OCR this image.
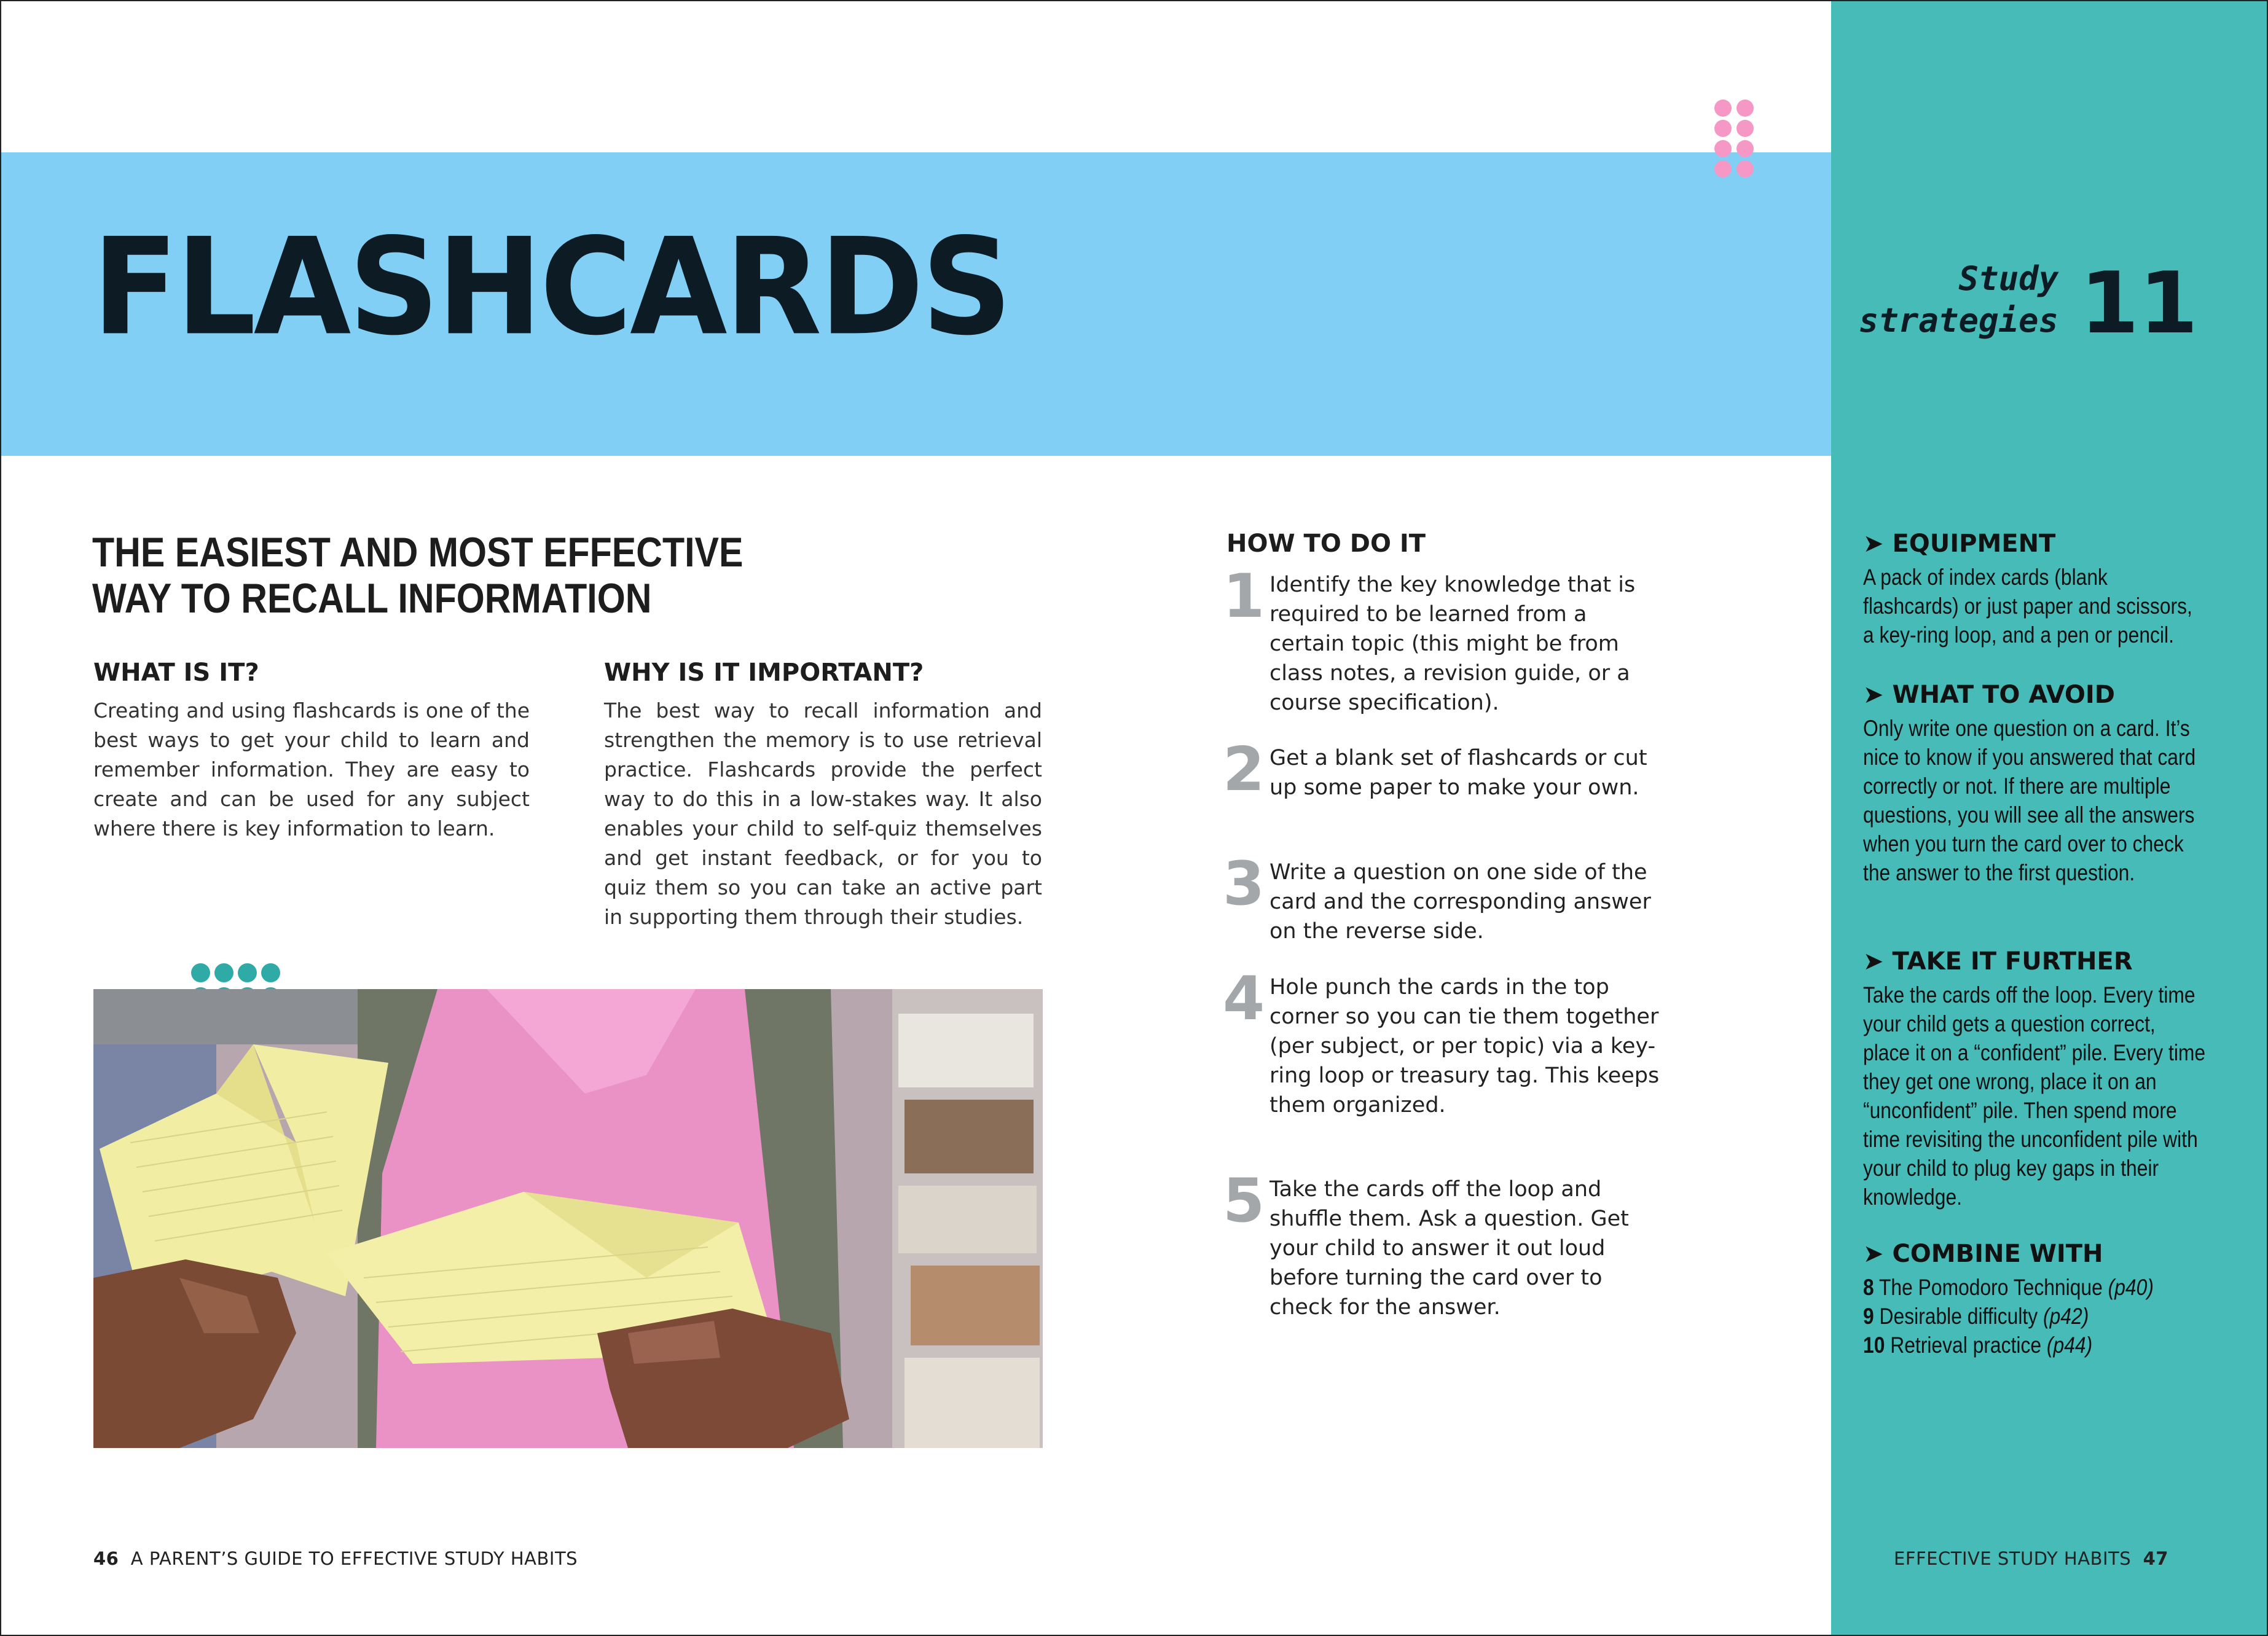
FLASHCARDS	Study
strategies 11
THE EASIEST AND MOST EFFECTIVE
WAY TO RECALL INFORMATION
WHAT IS IT?

Creating and using flashcards is one of the best ways to get your child to learn and remember information. They are easy to create and can be used for any subject where there is key information to learn.

WHY IS IT IMPORTANT?

The best way to recall information and strengthen the memory is to use retrieval practice. Flashcards provide the perfect way to do this in a low-stakes way. It also enables your child to self-quiz themselves and get instant feedback, or for you to quiz them so you can take an active part in supporting them through their studies.

HOW TO DO IT
1 Identify the key knowledge that is required to be learned from a certain topic (this might be from class notes, a revision guide, or a course specification).

2 Get a blank set of flashcards or cut up some paper to make your own.

3 Write a question on one side of the card and the corresponding answer on the reverse side.

4 Hole punch the cards in the top corner so you can tie them together (per subject, or per topic) via a key-ring loop or treasury tag. This keeps them organized.

5 Take the cards off the loop and shuffle them. Ask a question. Get your child to answer it out loud before turning the card over to check for the answer.

➤ EQUIPMENT

A pack of index cards (blank flashcards) or just paper and scissors, a key-ring loop, and a pen or pencil.

➤ WHAT TO AVOID

Only write one question on a card. It’s nice to know if you answered that card correctly or not. If there are multiple questions, you will see all the answers when you turn the card over to check the answer to the first question.

➤ TAKE IT FURTHER

Take the cards off the loop. Every time your child gets a question correct, place it on a “confident” pile. Every time they get one wrong, place it on an “unconfident” pile. Then spend more time revisiting the unconfident pile with your child to plug key gaps in their knowledge.

➤ COMBINE WITH

8 The Pomodoro Technique (p40)

9 Desirable difficulty (p42)

10 Retrieval practice (p44)

46 A PARENT’S GUIDE TO EFFECTIVE STUDY HABITS	EFFECTIVE STUDY HABITS 47
